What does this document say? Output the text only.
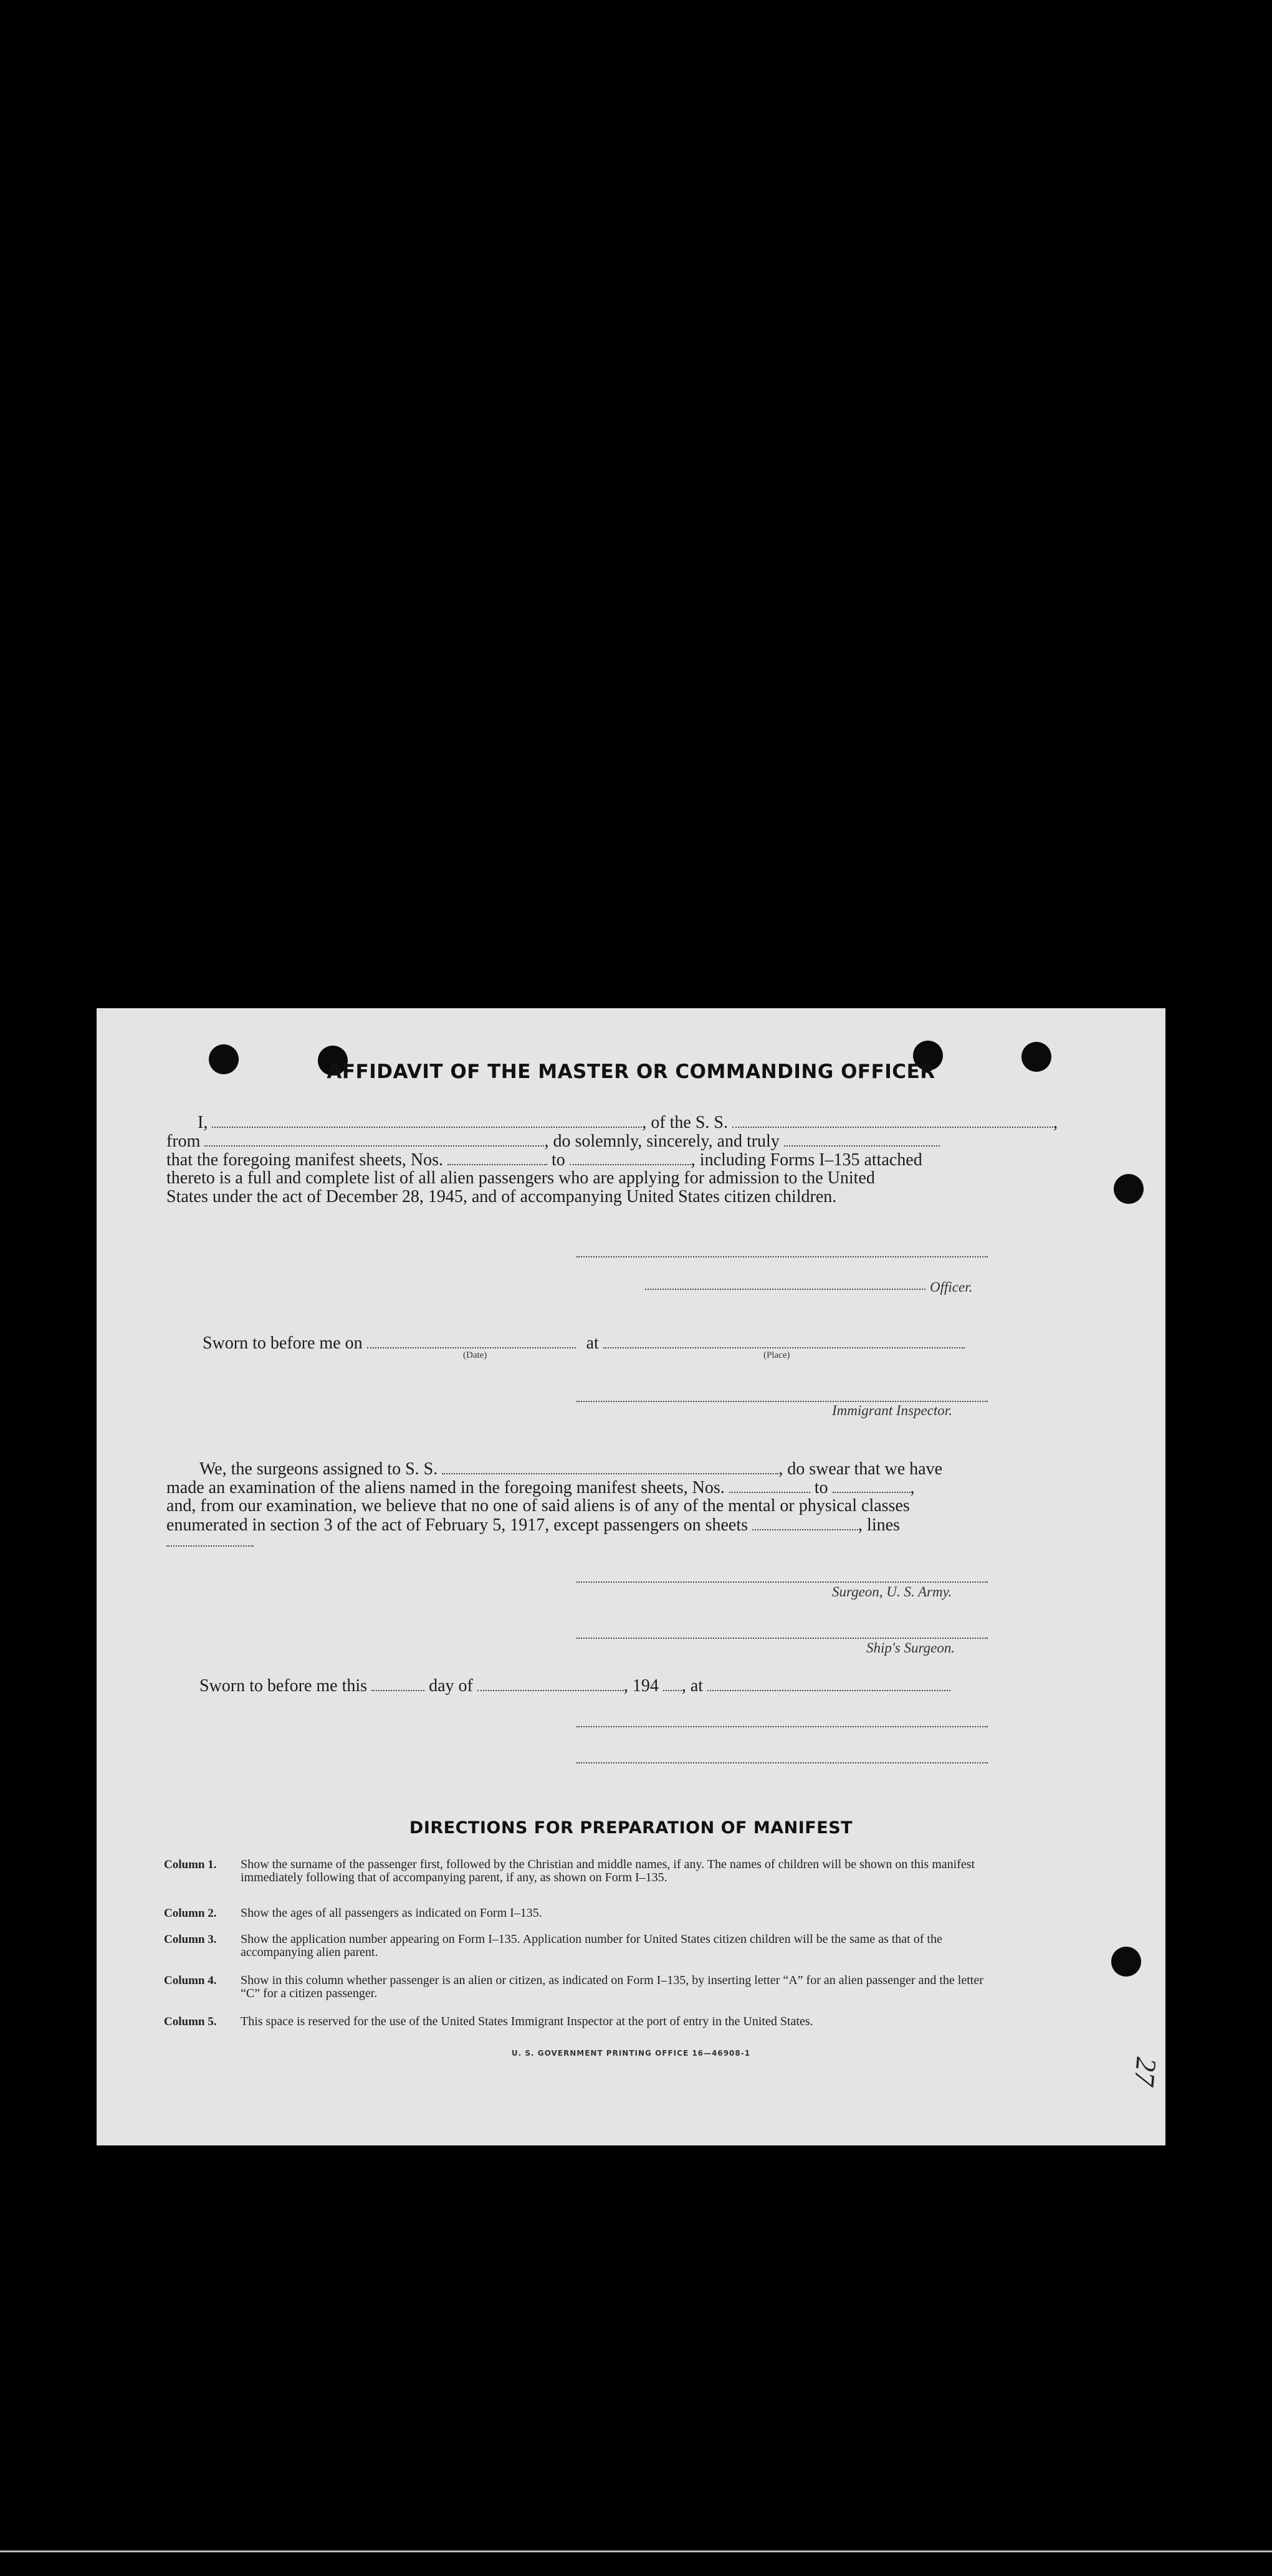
AFFIDAVIT OF THE MASTER OR COMMANDING OFFICER
I,	, of the S. S.	,
from	, do solemnly, sincerely, and truly
that the foregoing manifest sheets, Nos.	to	, including Forms I–135 attached
thereto is a full and complete list of all alien passengers who are applying for admission to the United
States under the act of December 28, 1945, and of accompanying United States citizen children.
Officer.
Sworn to before me on	at
(Date)	(Place)
Immigrant Inspector.
We, the surgeons assigned to S. S.	, do swear that we have
made an examination of the aliens named in the foregoing manifest sheets, Nos.	to	,
and, from our examination, we believe that no one of said aliens is of any of the mental or physical classes
enumerated in section 3 of the act of February 5, 1917, except passengers on sheets	, lines
Surgeon, U. S. Army.
Ship's Surgeon.
Sworn to before me this	day of	, 194 , at
DIRECTIONS FOR PREPARATION OF MANIFEST
Column 1.	Show the surname of the passenger first, followed by the Christian and middle names, if any. The names of children will be shown on this manifest immediately following that of accompanying parent, if any, as shown on Form I–135.
Column 2.	Show the ages of all passengers as indicated on Form I–135.
Column 3.	Show the application number appearing on Form I–135. Application number for United States citizen children will be the same as that of the accompanying alien parent.
Column 4.	Show in this column whether passenger is an alien or citizen, as indicated on Form I–135, by inserting letter “A” for an alien passenger and the letter “C” for a citizen passenger.
Column 5.	This space is reserved for the use of the United States Immigrant Inspector at the port of entry in the United States.
U. S. GOVERNMENT PRINTING OFFICE 16—46908-1
27
